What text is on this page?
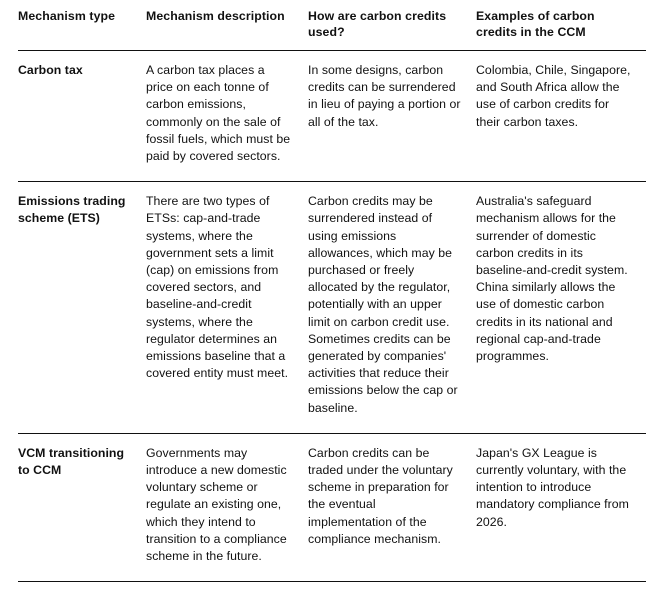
Mechanism type	Mechanism description	How are carbon credits used?	Examples of carbon credits in the CCM
Carbon tax	A carbon tax places a price on each tonne of carbon emissions, commonly on the sale of fossil fuels, which must be paid by covered sectors.	In some designs, carbon credits can be surrendered in lieu of paying a portion or all of the tax.	Colombia, Chile, Singapore, and South Africa allow the use of carbon credits for their carbon taxes.
Emissions trading scheme (ETS)	There are two types of ETSs: cap-and-trade systems, where the government sets a limit (cap) on emissions from covered sectors, and baseline-and-credit systems, where the regulator determines an emissions baseline that a covered entity must meet.	Carbon credits may be surrendered instead of using emissions allowances, which may be purchased or freely allocated by the regulator, potentially with an upper limit on carbon credit use. Sometimes credits can be generated by companies' activities that reduce their emissions below the cap or baseline.	Australia's safeguard mechanism allows for the surrender of domestic carbon credits in its baseline-and-credit system. China similarly allows the use of domestic carbon credits in its national and regional cap-and-trade programmes.
VCM transitioning to CCM	Governments may introduce a new domestic voluntary scheme or regulate an existing one, which they intend to transition to a compliance scheme in the future.	Carbon credits can be traded under the voluntary scheme in preparation for the eventual implementation of the compliance mechanism.	Japan's GX League is currently voluntary, with the intention to introduce mandatory compliance from 2026.
